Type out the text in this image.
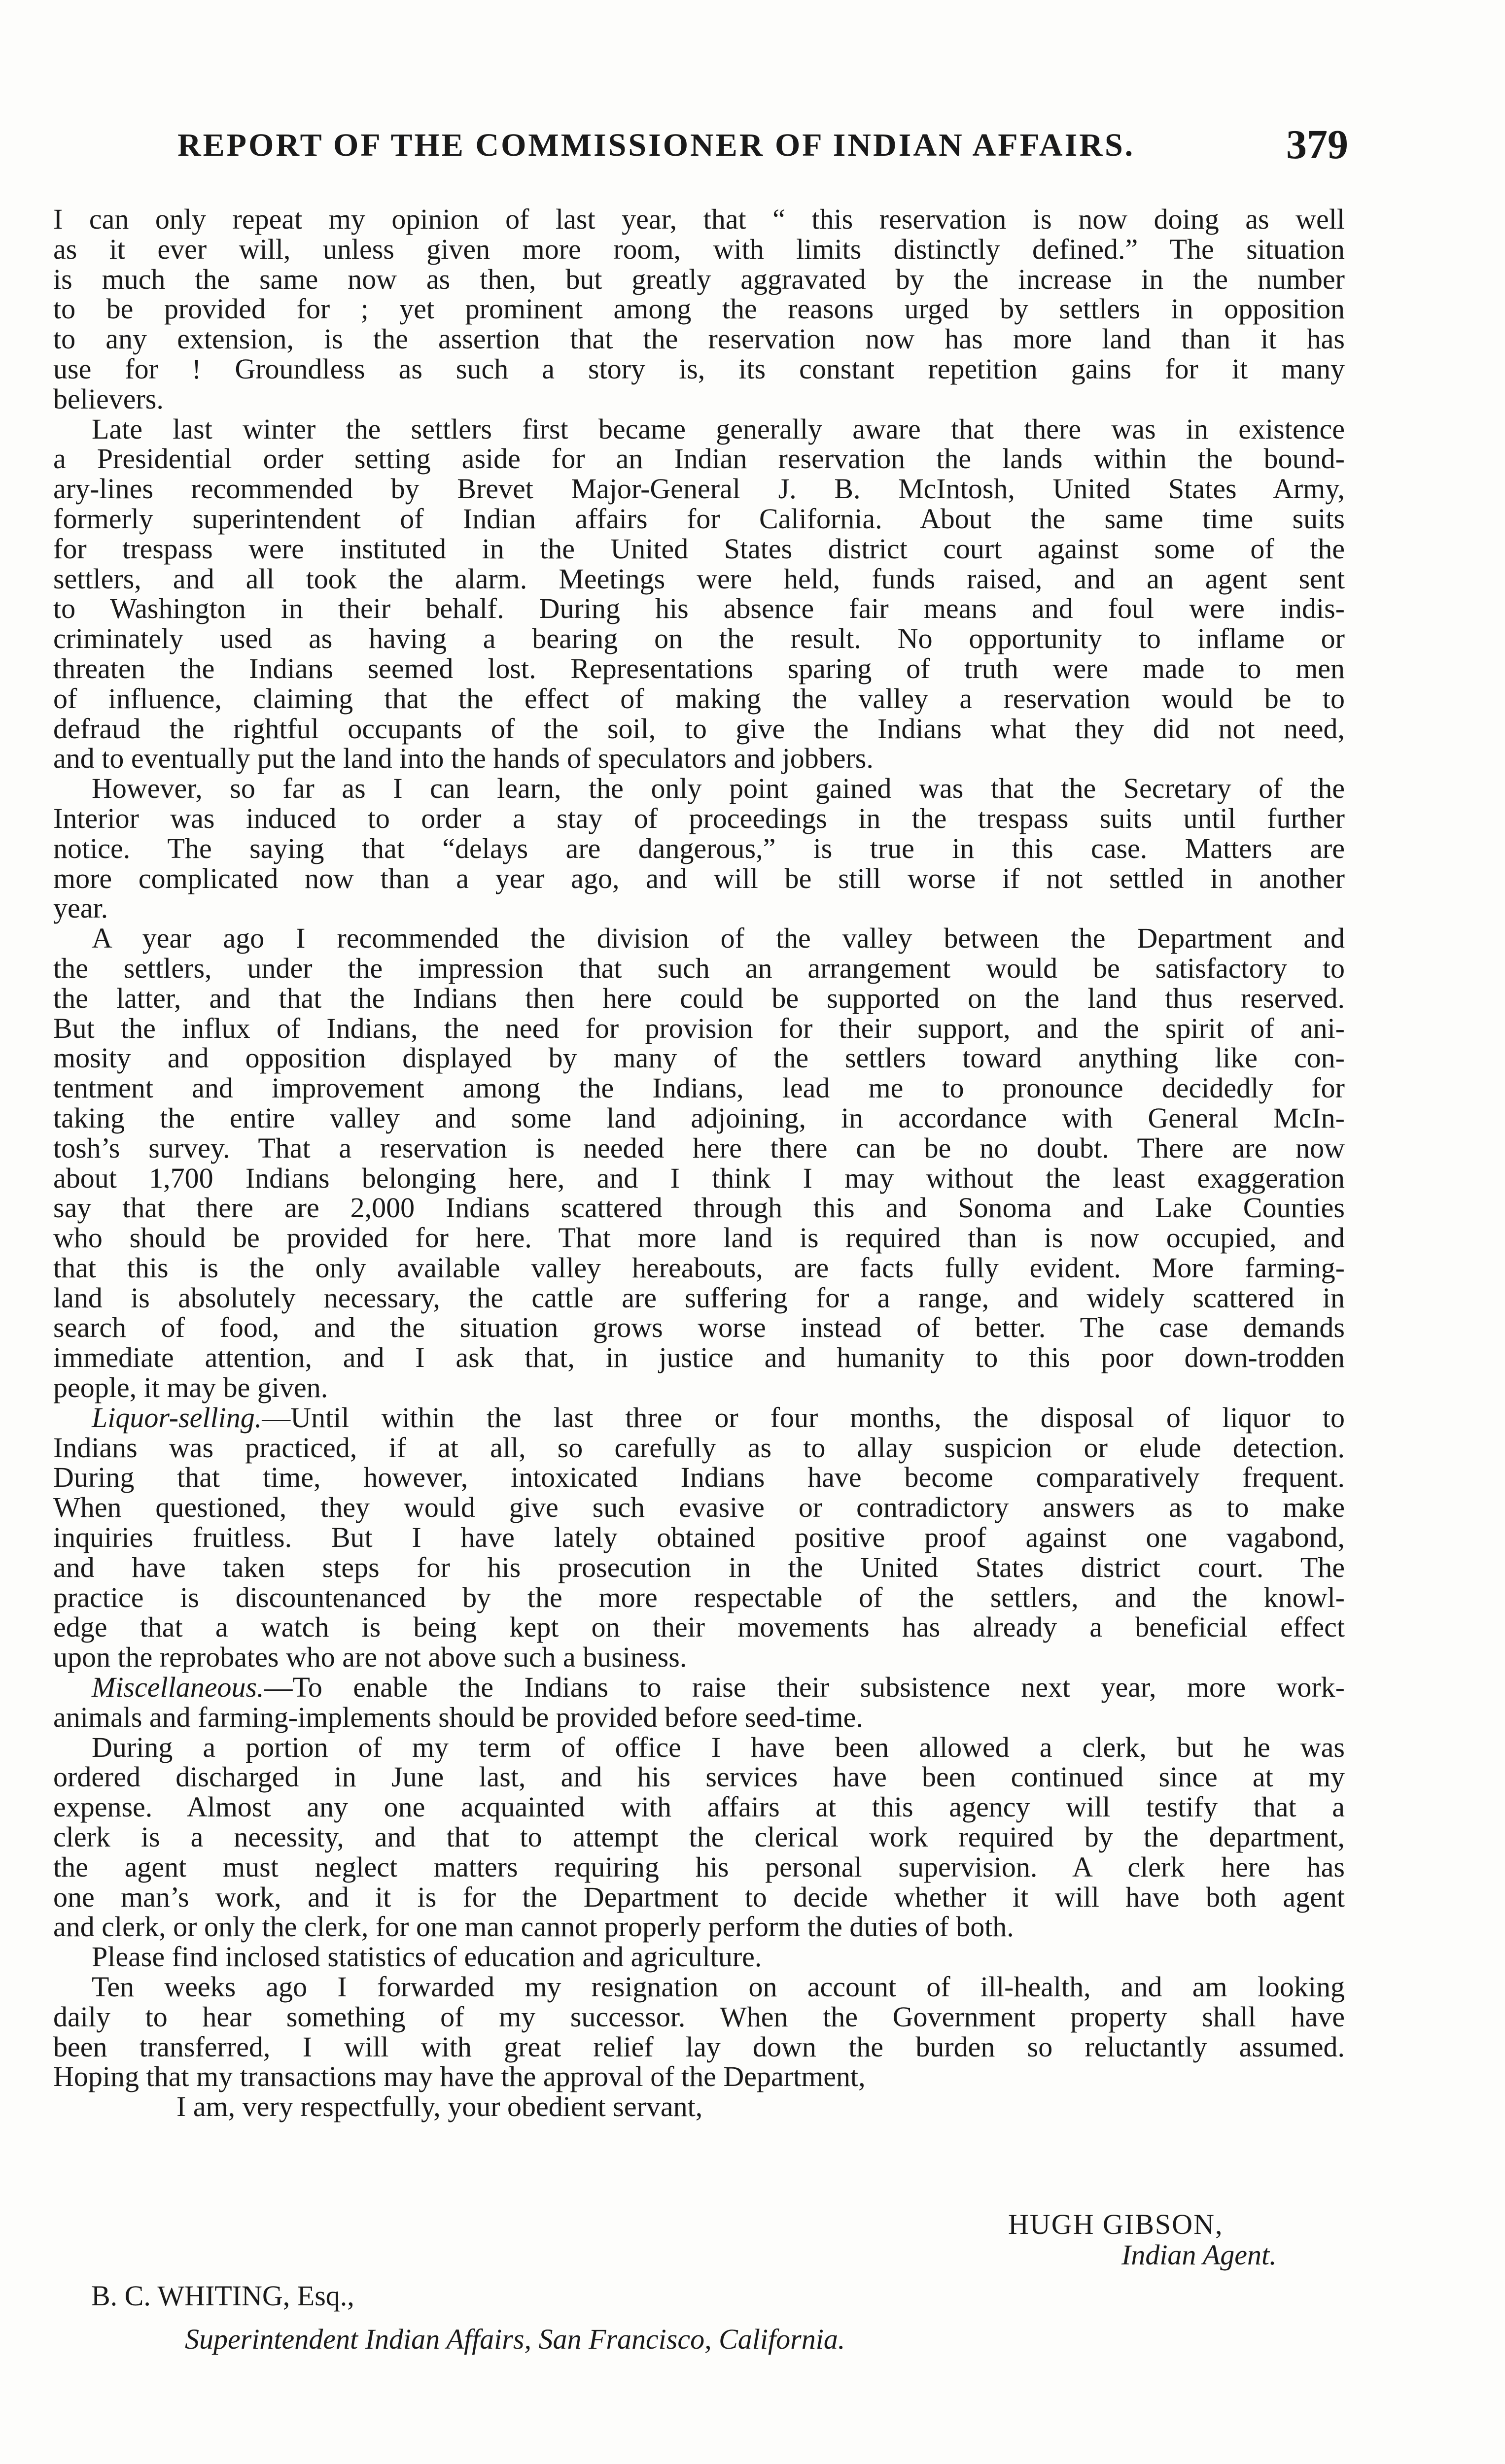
REPORT OF THE COMMISSIONER OF INDIAN AFFAIRS.	379
I can only repeat my opinion of last year, that “ this reservation is now doing as well
as it ever will, unless given more room, with limits distinctly defined.” The situation
is much the same now as then, but greatly aggravated by the increase in the number
to be provided for ; yet prominent among the reasons urged by settlers in opposition
to any extension, is the assertion that the reservation now has more land than it has
use for ! Groundless as such a story is, its constant repetition gains for it many
believers.
Late last winter the settlers first became generally aware that there was in existence
a Presidential order setting aside for an Indian reservation the lands within the bound-
ary-lines recommended by Brevet Major-General J. B. McIntosh, United States Army,
formerly superintendent of Indian affairs for California. About the same time suits
for trespass were instituted in the United States district court against some of the
settlers, and all took the alarm. Meetings were held, funds raised, and an agent sent
to Washington in their behalf. During his absence fair means and foul were indis-
criminately used as having a bearing on the result. No opportunity to inflame or
threaten the Indians seemed lost. Representations sparing of truth were made to men
of influence, claiming that the effect of making the valley a reservation would be to
defraud the rightful occupants of the soil, to give the Indians what they did not need,
and to eventually put the land into the hands of speculators and jobbers.
However, so far as I can learn, the only point gained was that the Secretary of the
Interior was induced to order a stay of proceedings in the trespass suits until further
notice. The saying that “delays are dangerous,” is true in this case. Matters are
more complicated now than a year ago, and will be still worse if not settled in another
year.
A year ago I recommended the division of the valley between the Department and
the settlers, under the impression that such an arrangement would be satisfactory to
the latter, and that the Indians then here could be supported on the land thus reserved.
But the influx of Indians, the need for provision for their support, and the spirit of ani-
mosity and opposition displayed by many of the settlers toward anything like con-
tentment and improvement among the Indians, lead me to pronounce decidedly for
taking the entire valley and some land adjoining, in accordance with General McIn-
tosh’s survey. That a reservation is needed here there can be no doubt. There are now
about 1,700 Indians belonging here, and I think I may without the least exaggeration
say that there are 2,000 Indians scattered through this and Sonoma and Lake Counties
who should be provided for here. That more land is required than is now occupied, and
that this is the only available valley hereabouts, are facts fully evident. More farming-
land is absolutely necessary, the cattle are suffering for a range, and widely scattered in
search of food, and the situation grows worse instead of better. The case demands
immediate attention, and I ask that, in justice and humanity to this poor down-trodden
people, it may be given.
Liquor-selling.—Until within the last three or four months, the disposal of liquor to
Indians was practiced, if at all, so carefully as to allay suspicion or elude detection.
During that time, however, intoxicated Indians have become comparatively frequent.
When questioned, they would give such evasive or contradictory answers as to make
inquiries fruitless. But I have lately obtained positive proof against one vagabond,
and have taken steps for his prosecution in the United States district court. The
practice is discountenanced by the more respectable of the settlers, and the knowl-
edge that a watch is being kept on their movements has already a beneficial effect
upon the reprobates who are not above such a business.
Miscellaneous.—To enable the Indians to raise their subsistence next year, more work-
animals and farming-implements should be provided before seed-time.
During a portion of my term of office I have been allowed a clerk, but he was
ordered discharged in June last, and his services have been continued since at my
expense. Almost any one acquainted with affairs at this agency will testify that a
clerk is a necessity, and that to attempt the clerical work required by the department,
the agent must neglect matters requiring his personal supervision. A clerk here has
one man’s work, and it is for the Department to decide whether it will have both agent
and clerk, or only the clerk, for one man cannot properly perform the duties of both.
Please find inclosed statistics of education and agriculture.
Ten weeks ago I forwarded my resignation on account of ill-health, and am looking
daily to hear something of my successor. When the Government property shall have
been transferred, I will with great relief lay down the burden so reluctantly assumed.
Hoping that my transactions may have the approval of the Department,
I am, very respectfully, your obedient servant,
HUGH GIBSON,
Indian Agent.
B. C. WHITING, Esq.,
Superintendent Indian Affairs, San Francisco, California.
